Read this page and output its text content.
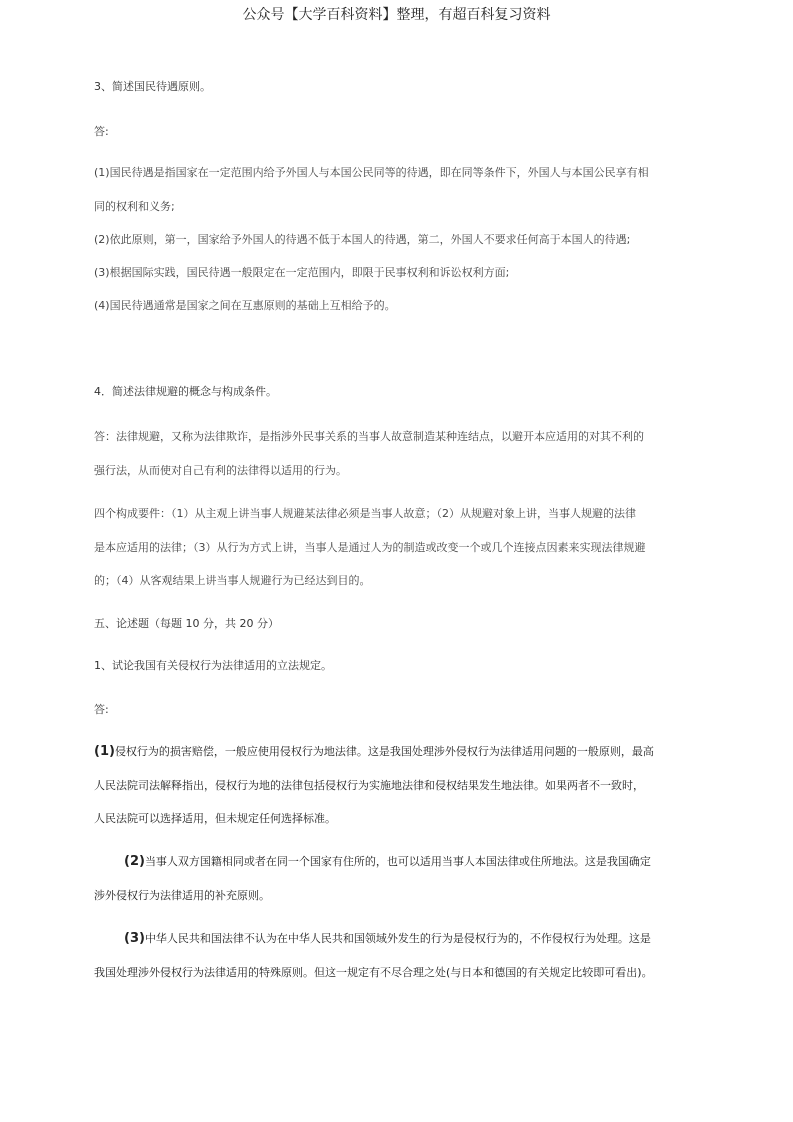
公众号【大学百科资料】整理，有超百科复习资料
3、简述国民待遇原则。
答:
(1)国民待遇是指国家在一定范围内给予外国人与本国公民同等的待遇，即在同等条件下，外国人与本国公民享有相
同的权利和义务;
(2)依此原则，第一，国家给予外国人的待遇不低于本国人的待遇，第二，外国人不要求任何高于本国人的待遇;
(3)根据国际实践，国民待遇一般限定在一定范围内，即限于民事权利和诉讼权利方面;
(4)国民待遇通常是国家之间在互惠原则的基础上互相给予的。
4．简述法律规避的概念与构成条件。
答：法律规避，又称为法律欺诈，是指涉外民事关系的当事人故意制造某种连结点，以避开本应适用的对其不利的
强行法，从而使对自己有利的法律得以适用的行为。
四个构成要件：（1）从主观上讲当事人规避某法律必须是当事人故意；（2）从规避对象上讲，当事人规避的法律
是本应适用的法律；（3）从行为方式上讲，当事人是通过人为的制造或改变一个或几个连接点因素来实现法律规避
的；（4）从客观结果上讲当事人规避行为已经达到目的。
五、论述题（每题 10 分，共 20 分）
1、试论我国有关侵权行为法律适用的立法规定。
答:
(1)侵权行为的损害赔偿，一般应使用侵权行为地法律。这是我国处理涉外侵权行为法律适用问题的一般原则，最高
人民法院司法解释指出，侵权行为地的法律包括侵权行为实施地法律和侵权结果发生地法律。如果两者不一致时，
人民法院可以选择适用，但未规定任何选择标准。
(2)当事人双方国籍相同或者在同一个国家有住所的，也可以适用当事人本国法律或住所地法。这是我国确定
涉外侵权行为法律适用的补充原则。
(3)中华人民共和国法律不认为在中华人民共和国领域外发生的行为是侵权行为的，不作侵权行为处理。这是
我国处理涉外侵权行为法律适用的特殊原则。但这一规定有不尽合理之处(与日本和德国的有关规定比较即可看出)。
